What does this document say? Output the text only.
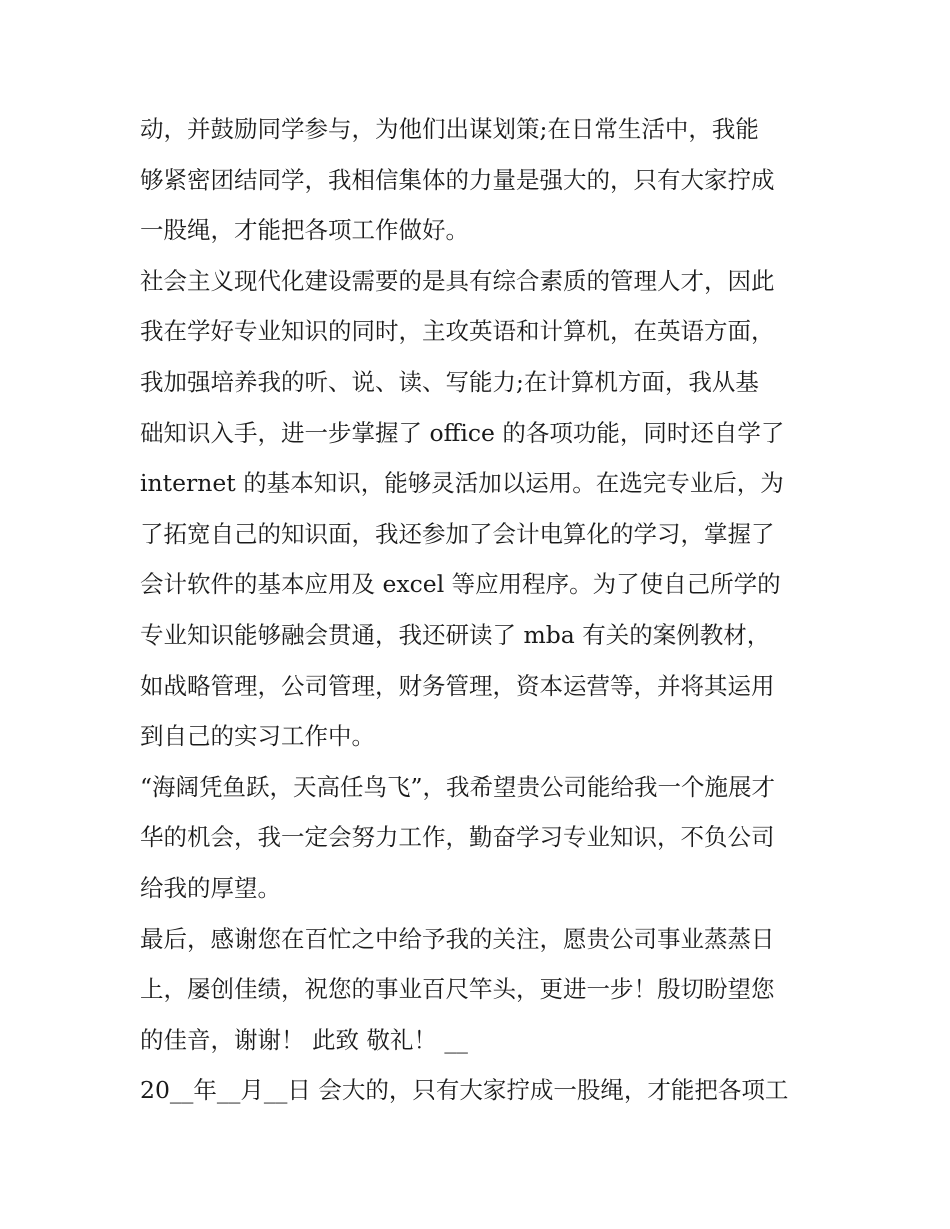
动，并鼓励同学参与，为他们出谋划策;在日常生活中，我能
够紧密团结同学，我相信集体的力量是强大的，只有大家拧成
一股绳，才能把各项工作做好。

社会主义现代化建设需要的是具有综合素质的管理人才，因此
我在学好专业知识的同时，主攻英语和计算机，在英语方面，
我加强培养我的听、说、读、写能力;在计算机方面，我从基
础知识入手，进一步掌握了 office 的各项功能，同时还自学了
internet 的基本知识，能够灵活加以运用。在选完专业后，为
了拓宽自己的知识面，我还参加了会计电算化的学习，掌握了
会计软件的基本应用及 excel 等应用程序。为了使自己所学的
专业知识能够融会贯通，我还研读了 mba 有关的案例教材，
如战略管理，公司管理，财务管理，资本运营等，并将其运用
到自己的实习工作中。

“海阔凭鱼跃，天高任鸟飞”，我希望贵公司能给我一个施展才
华的机会，我一定会努力工作，勤奋学习专业知识，不负公司
给我的厚望。

最后，感谢您在百忙之中给予我的关注，愿贵公司事业蒸蒸日
上，屡创佳绩，祝您的事业百尺竿头，更进一步！殷切盼望您
的佳音，谢谢！ 此致 敬礼！ __

20__年__月__日 会大的，只有大家拧成一股绳，才能把各项工
